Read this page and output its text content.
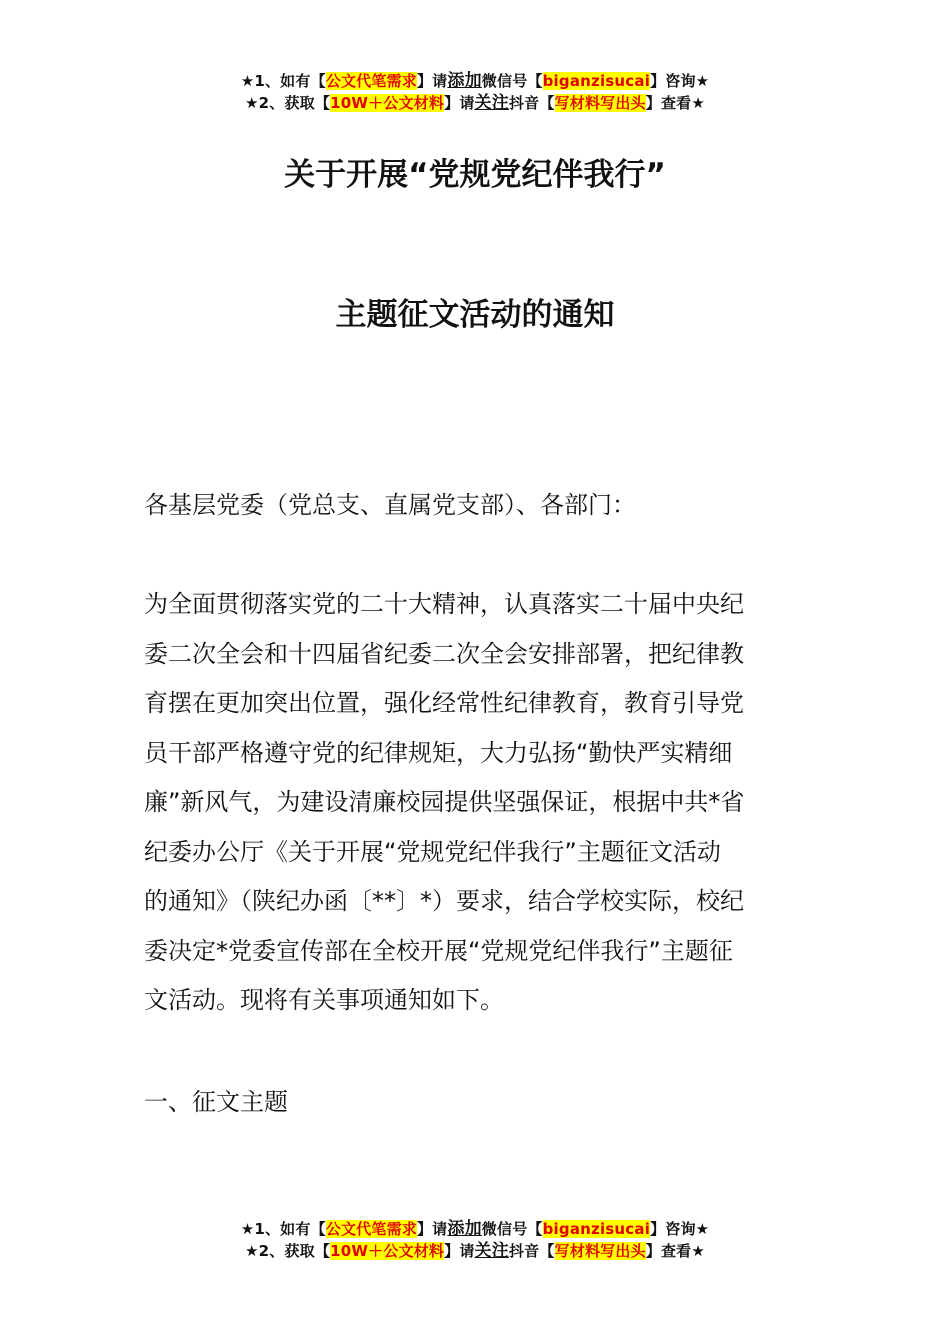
★1、如有【公文代笔需求】请添加微信号【biganzisucai】咨询★
★2、获取【10W＋公文材料】请关注抖音【写材料写出头】查看★
关于开展“党规党纪伴我行”
主题征文活动的通知
各基层党委（党总支、直属党支部）、各部门：
为全面贯彻落实党的二十大精神，认真落实二十届中央纪
委二次全会和十四届省纪委二次全会安排部署，把纪律教
育摆在更加突出位置，强化经常性纪律教育，教育引导党
员干部严格遵守党的纪律规矩，大力弘扬“勤快严实精细
廉”新风气，为建设清廉校园提供坚强保证，根据中共*省
纪委办公厅《关于开展“党规党纪伴我行”主题征文活动
的通知》（陕纪办函〔**〕*）要求，结合学校实际，校纪
委决定*党委宣传部在全校开展“党规党纪伴我行”主题征
文活动。现将有关事项通知如下。
一、征文主题
★1、如有【公文代笔需求】请添加微信号【biganzisucai】咨询★
★2、获取【10W＋公文材料】请关注抖音【写材料写出头】查看★
